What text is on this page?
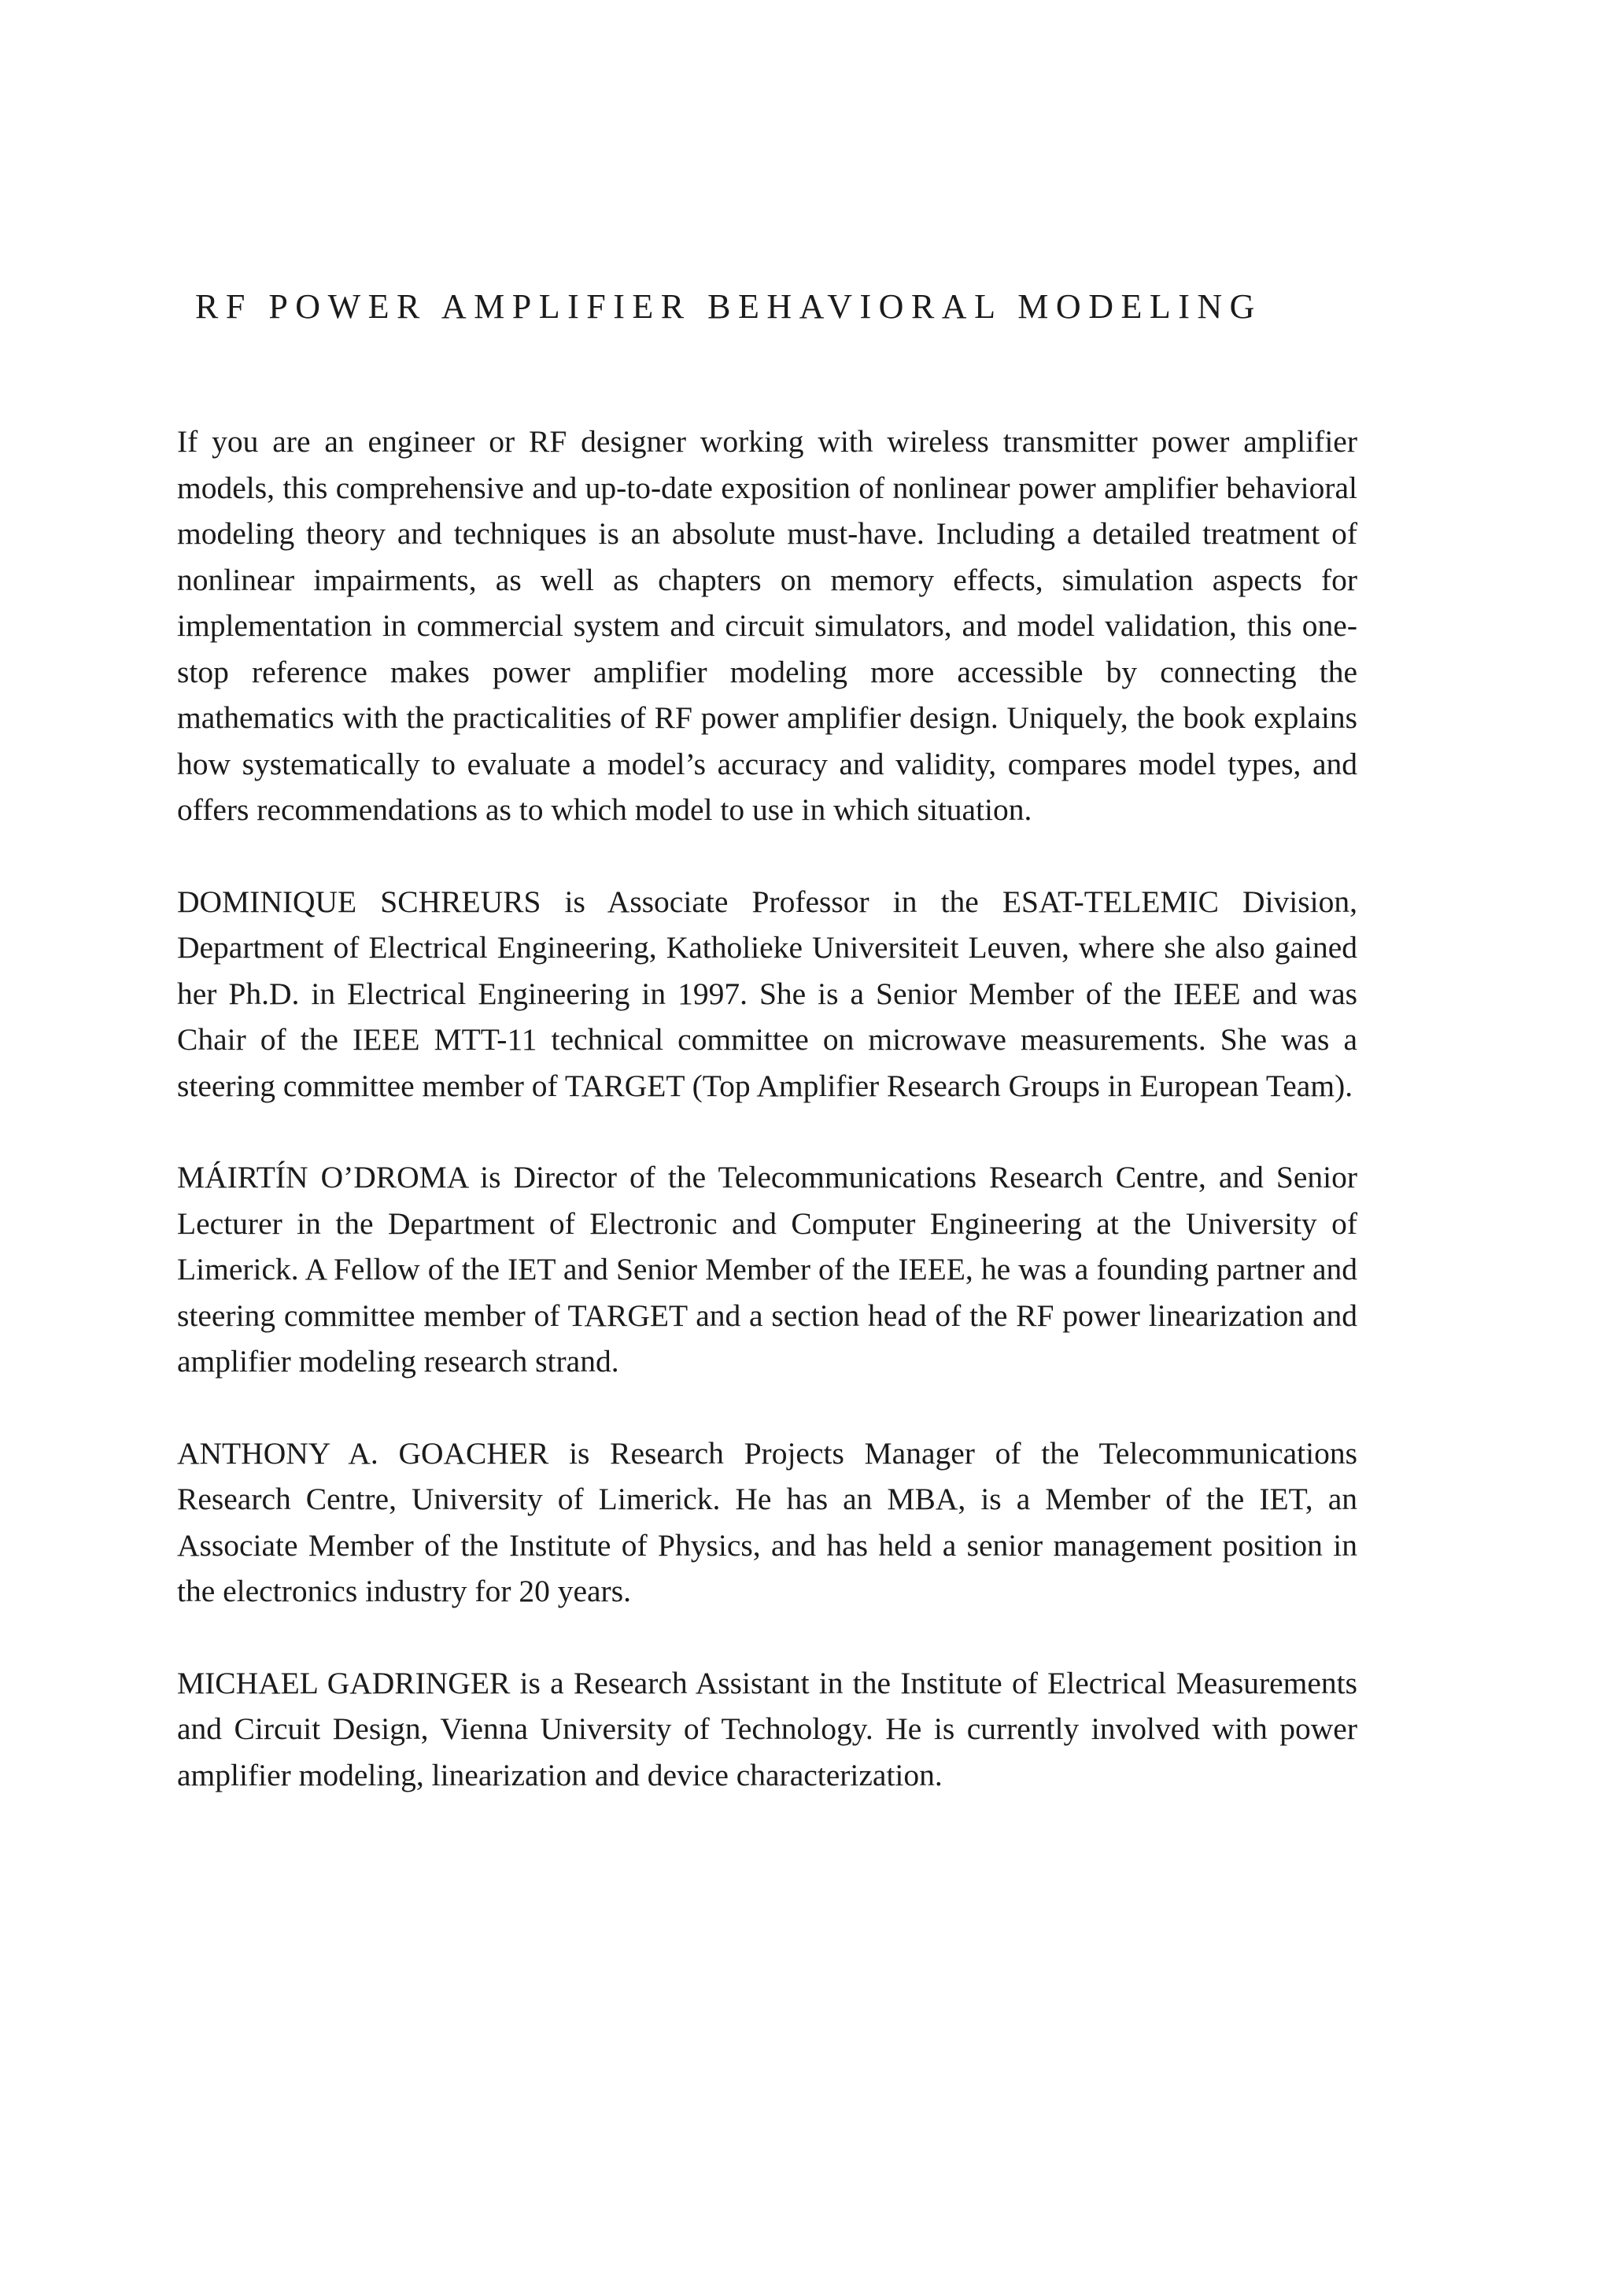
RF POWER AMPLIFIER BEHAVIORAL MODELING

If you are an engineer or RF designer working with wireless transmitter power amplifier models, this comprehensive and up-to-date exposition of nonlinear power amplifier behavioral modeling theory and techniques is an absolute must-have. Including a detailed treatment of nonlinear impairments, as well as chapters on memory effects, simulation aspects for implementation in commercial system and circuit simulators, and model validation, this one-stop reference makes power amplifier modeling more accessible by connecting the mathematics with the practicalities of RF power amplifier design. Uniquely, the book explains how systematically to evaluate a model’s accuracy and validity, compares model types, and offers recommendations as to which model to use in which situation.

DOMINIQUE SCHREURS is Associate Professor in the ESAT-TELEMIC Division, Department of Electrical Engineering, Katholieke Universiteit Leuven, where she also gained her Ph.D. in Electrical Engineering in 1997. She is a Senior Member of the IEEE and was Chair of the IEEE MTT-11 technical committee on microwave measurements. She was a steering committee member of TARGET (Top Amplifier Research Groups in European Team).

MÁIRTÍN O’DROMA is Director of the Telecommunications Research Centre, and Senior Lecturer in the Department of Electronic and Computer Engineering at the University of Limerick. A Fellow of the IET and Senior Member of the IEEE, he was a founding partner and steering committee member of TARGET and a section head of the RF power linearization and amplifier modeling research strand.

ANTHONY A. GOACHER is Research Projects Manager of the Telecommunications Research Centre, University of Limerick. He has an MBA, is a Member of the IET, an Associate Member of the Institute of Physics, and has held a senior management position in the electronics industry for 20 years.

MICHAEL GADRINGER is a Research Assistant in the Institute of Electrical Measurements and Circuit Design, Vienna University of Technology. He is currently involved with power amplifier modeling, linearization and device characterization.
